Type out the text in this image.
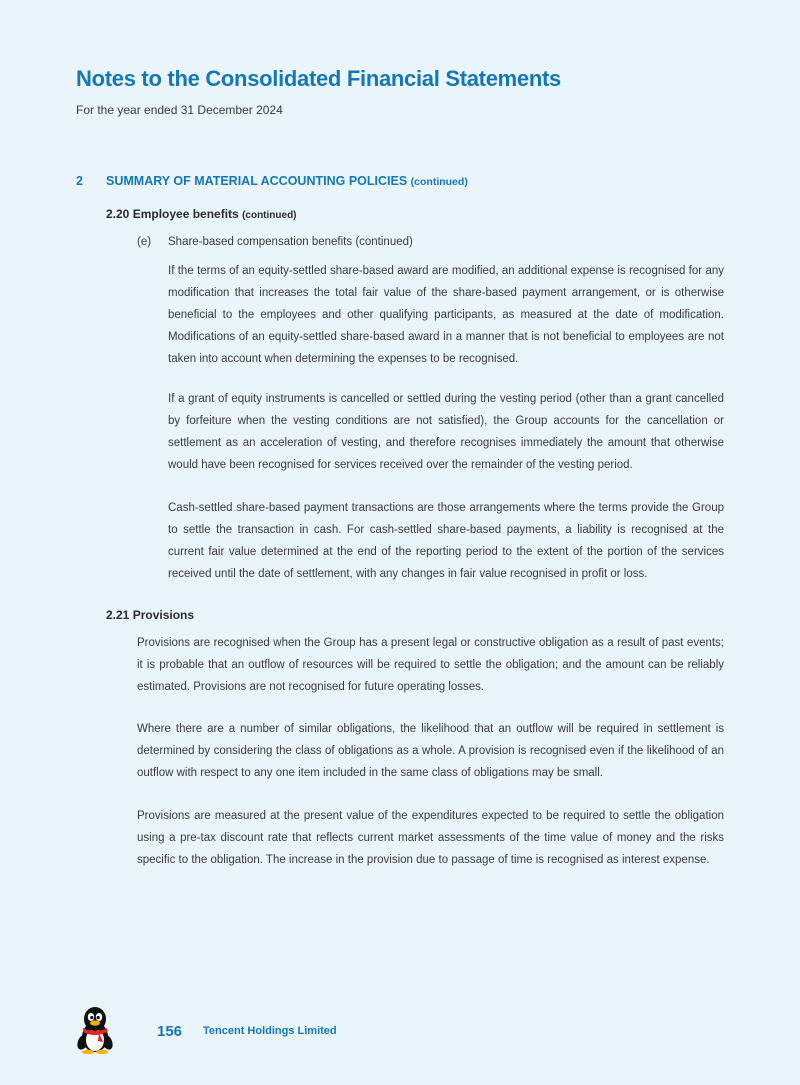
Notes to the Consolidated Financial Statements
For the year ended 31 December 2024
2 SUMMARY OF MATERIAL ACCOUNTING POLICIES (continued)
2.20 Employee benefits (continued)
(e) Share-based compensation benefits (continued)

If the terms of an equity-settled share-based award are modified, an additional expense is recognised for any modification that increases the total fair value of the share-based payment arrangement, or is otherwise beneficial to the employees and other qualifying participants, as measured at the date of modification. Modifications of an equity-settled share-based award in a manner that is not beneficial to employees are not taken into account when determining the expenses to be recognised.

If a grant of equity instruments is cancelled or settled during the vesting period (other than a grant cancelled by forfeiture when the vesting conditions are not satisfied), the Group accounts for the cancellation or settlement as an acceleration of vesting, and therefore recognises immediately the amount that otherwise would have been recognised for services received over the remainder of the vesting period.

Cash-settled share-based payment transactions are those arrangements where the terms provide the Group to settle the transaction in cash. For cash-settled share-based payments, a liability is recognised at the current fair value determined at the end of the reporting period to the extent of the portion of the services received until the date of settlement, with any changes in fair value recognised in profit or loss.

2.21 Provisions

Provisions are recognised when the Group has a present legal or constructive obligation as a result of past events; it is probable that an outflow of resources will be required to settle the obligation; and the amount can be reliably estimated. Provisions are not recognised for future operating losses.

Where there are a number of similar obligations, the likelihood that an outflow will be required in settlement is determined by considering the class of obligations as a whole. A provision is recognised even if the likelihood of an outflow with respect to any one item included in the same class of obligations may be small.

Provisions are measured at the present value of the expenditures expected to be required to settle the obligation using a pre-tax discount rate that reflects current market assessments of the time value of money and the risks specific to the obligation. The increase in the provision due to passage of time is recognised as interest expense.

156 Tencent Holdings Limited
